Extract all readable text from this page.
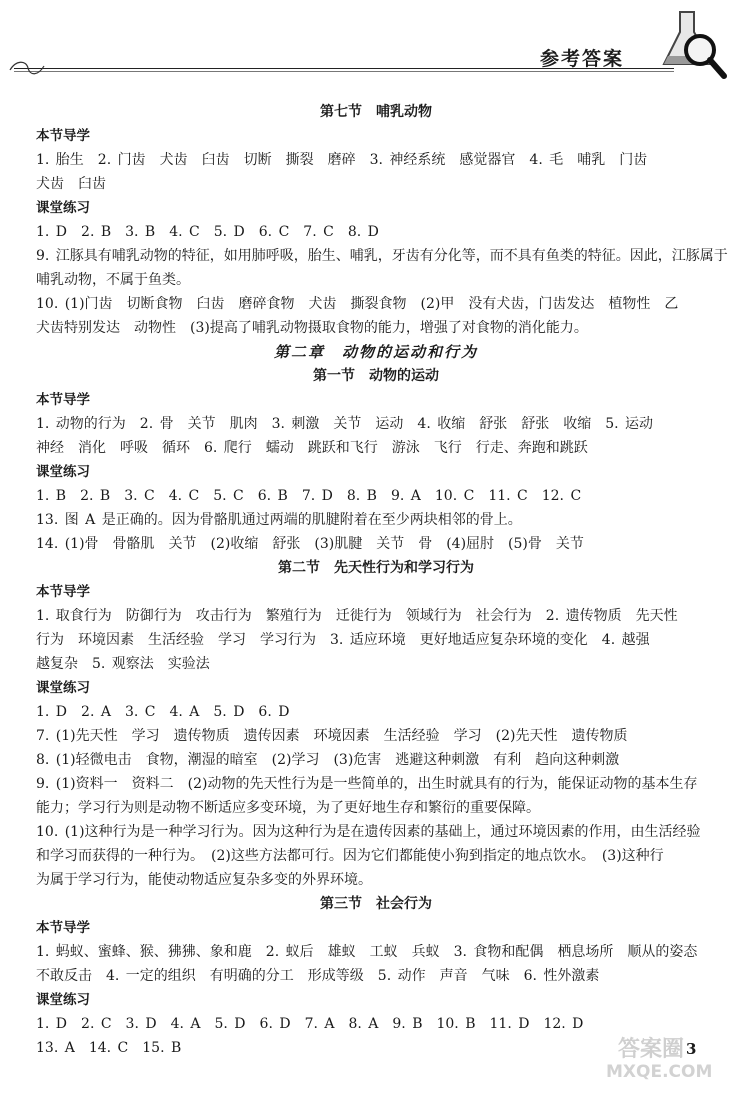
参考答案
第七节　哺乳动物
本节导学
1. 胎生　2. 门齿　犬齿　臼齿　切断　撕裂　磨碎　3. 神经系统　感觉器官　4. 毛　哺乳　门齿
犬齿　臼齿
课堂练习
1. D　2. B　3. B　4. C　5. D　6. C　7. C　8. D
9. 江豚具有哺乳动物的特征，如用肺呼吸，胎生、哺乳，牙齿有分化等，而不具有鱼类的特征。因此，江豚属于
哺乳动物，不属于鱼类。
10. (1)门齿　切断食物　臼齿　磨碎食物　犬齿　撕裂食物　(2)甲　没有犬齿，门齿发达　植物性　乙
犬齿特别发达　动物性　(3)提高了哺乳动物摄取食物的能力，增强了对食物的消化能力。
第二章　动物的运动和行为
第一节　动物的运动
本节导学
1. 动物的行为　2. 骨　关节　肌肉　3. 刺激　关节　运动　4. 收缩　舒张　舒张　收缩　5. 运动
神经　消化　呼吸　循环　6. 爬行　蠕动　跳跃和飞行　游泳　飞行　行走、奔跑和跳跃
课堂练习
1. B　2. B　3. C　4. C　5. C　6. B　7. D　8. B　9. A　10. C　11. C　12. C
13. 图 A 是正确的。因为骨骼肌通过两端的肌腱附着在至少两块相邻的骨上。
14. (1)骨　骨骼肌　关节　(2)收缩　舒张　(3)肌腱　关节　骨　(4)屈肘　(5)骨　关节
第二节　先天性行为和学习行为
本节导学
1. 取食行为　防御行为　攻击行为　繁殖行为　迁徙行为　领域行为　社会行为　2. 遗传物质　先天性
行为　环境因素　生活经验　学习　学习行为　3. 适应环境　更好地适应复杂环境的变化　4. 越强
越复杂　5. 观察法　实验法
课堂练习
1. D　2. A　3. C　4. A　5. D　6. D
7. (1)先天性　学习　遗传物质　遗传因素　环境因素　生活经验　学习　(2)先天性　遗传物质
8. (1)轻微电击　食物，潮湿的暗室　(2)学习　(3)危害　逃避这种刺激　有利　趋向这种刺激
9. (1)资料一　资料二　(2)动物的先天性行为是一些简单的，出生时就具有的行为，能保证动物的基本生存
能力；学习行为则是动物不断适应多变环境，为了更好地生存和繁衍的重要保障。
10. (1)这种行为是一种学习行为。因为这种行为是在遗传因素的基础上，通过环境因素的作用，由生活经验
和学习而获得的一种行为。　(2)这些方法都可行。因为它们都能使小狗到指定的地点饮水。　(3)这种行
为属于学习行为，能使动物适应复杂多变的外界环境。
第三节　社会行为
本节导学
1. 蚂蚁、蜜蜂、猴、狒狒、象和鹿　2. 蚁后　雄蚁　工蚁　兵蚁　3. 食物和配偶　栖息场所　顺从的姿态
不敢反击　4. 一定的组织　有明确的分工　形成等级　5. 动作　声音　气味　6. 性外激素
课堂练习
1. D　2. C　3. D　4. A　5. D　6. D　7. A　8. A　9. B　10. B　11. D　12. D
13. A　14. C　15. B	答案圈 3
MXQE.COM
